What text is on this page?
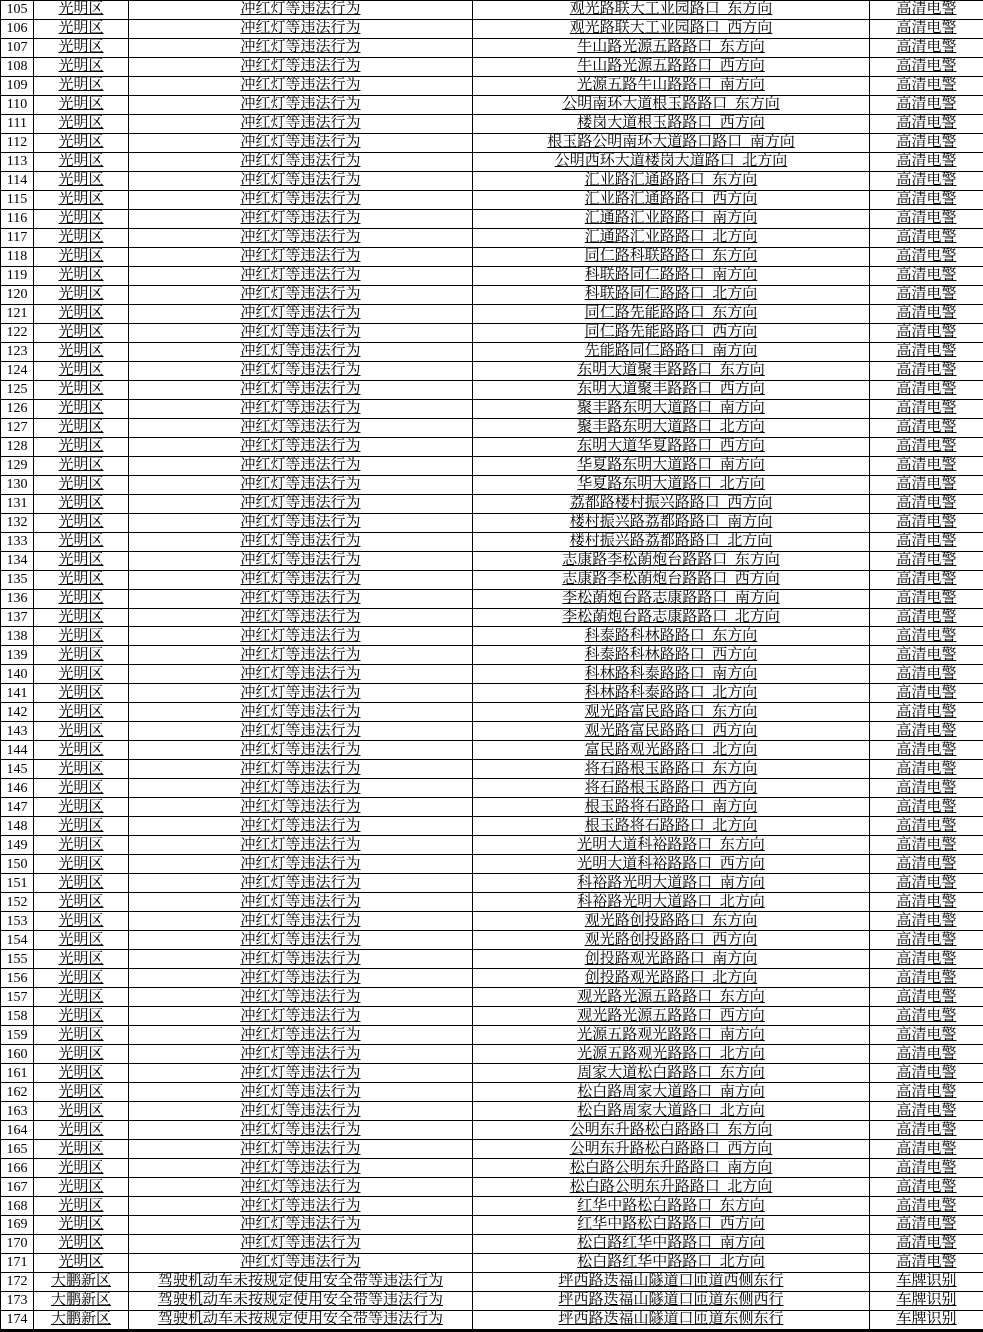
105	光明区	冲红灯等违法行为	观光路联大工业园路口  东方向	高清电警
106	光明区	冲红灯等违法行为	观光路联大工业园路口  西方向	高清电警
107	光明区	冲红灯等违法行为	牛山路光源五路路口  东方向	高清电警
108	光明区	冲红灯等违法行为	牛山路光源五路路口  西方向	高清电警
109	光明区	冲红灯等违法行为	光源五路牛山路路口  南方向	高清电警
110	光明区	冲红灯等违法行为	公明南环大道根玉路路口  东方向	高清电警
111	光明区	冲红灯等违法行为	楼岗大道根玉路路口  西方向	高清电警
112	光明区	冲红灯等违法行为	根玉路公明南环大道路口路口  南方向	高清电警
113	光明区	冲红灯等违法行为	公明西环大道楼岗大道路口  北方向	高清电警
114	光明区	冲红灯等违法行为	汇业路汇通路路口  东方向	高清电警
115	光明区	冲红灯等违法行为	汇业路汇通路路口  西方向	高清电警
116	光明区	冲红灯等违法行为	汇通路汇业路路口  南方向	高清电警
117	光明区	冲红灯等违法行为	汇通路汇业路路口  北方向	高清电警
118	光明区	冲红灯等违法行为	同仁路科联路路口  东方向	高清电警
119	光明区	冲红灯等违法行为	科联路同仁路路口  南方向	高清电警
120	光明区	冲红灯等违法行为	科联路同仁路路口  北方向	高清电警
121	光明区	冲红灯等违法行为	同仁路先能路路口  东方向	高清电警
122	光明区	冲红灯等违法行为	同仁路先能路路口  西方向	高清电警
123	光明区	冲红灯等违法行为	先能路同仁路路口  南方向	高清电警
124	光明区	冲红灯等违法行为	东明大道聚丰路路口  东方向	高清电警
125	光明区	冲红灯等违法行为	东明大道聚丰路路口  西方向	高清电警
126	光明区	冲红灯等违法行为	聚丰路东明大道路口  南方向	高清电警
127	光明区	冲红灯等违法行为	聚丰路东明大道路口  北方向	高清电警
128	光明区	冲红灯等违法行为	东明大道华夏路路口  西方向	高清电警
129	光明区	冲红灯等违法行为	华夏路东明大道路口  南方向	高清电警
130	光明区	冲红灯等违法行为	华夏路东明大道路口  北方向	高清电警
131	光明区	冲红灯等违法行为	荔都路楼村振兴路路口  西方向	高清电警
132	光明区	冲红灯等违法行为	楼村振兴路荔都路路口  南方向	高清电警
133	光明区	冲红灯等违法行为	楼村振兴路荔都路路口  北方向	高清电警
134	光明区	冲红灯等违法行为	志康路李松蓢炮台路路口  东方向	高清电警
135	光明区	冲红灯等违法行为	志康路李松蓢炮台路路口  西方向	高清电警
136	光明区	冲红灯等违法行为	李松蓢炮台路志康路路口  南方向	高清电警
137	光明区	冲红灯等违法行为	李松蓢炮台路志康路路口  北方向	高清电警
138	光明区	冲红灯等违法行为	科泰路科林路路口  东方向	高清电警
139	光明区	冲红灯等违法行为	科泰路科林路路口  西方向	高清电警
140	光明区	冲红灯等违法行为	科林路科泰路路口  南方向	高清电警
141	光明区	冲红灯等违法行为	科林路科泰路路口  北方向	高清电警
142	光明区	冲红灯等违法行为	观光路富民路路口  东方向	高清电警
143	光明区	冲红灯等违法行为	观光路富民路路口  西方向	高清电警
144	光明区	冲红灯等违法行为	富民路观光路路口  北方向	高清电警
145	光明区	冲红灯等违法行为	将石路根玉路路口  东方向	高清电警
146	光明区	冲红灯等违法行为	将石路根玉路路口  西方向	高清电警
147	光明区	冲红灯等违法行为	根玉路将石路路口  南方向	高清电警
148	光明区	冲红灯等违法行为	根玉路将石路路口  北方向	高清电警
149	光明区	冲红灯等违法行为	光明大道科裕路路口  东方向	高清电警
150	光明区	冲红灯等违法行为	光明大道科裕路路口  西方向	高清电警
151	光明区	冲红灯等违法行为	科裕路光明大道路口  南方向	高清电警
152	光明区	冲红灯等违法行为	科裕路光明大道路口  北方向	高清电警
153	光明区	冲红灯等违法行为	观光路创投路路口  东方向	高清电警
154	光明区	冲红灯等违法行为	观光路创投路路口  西方向	高清电警
155	光明区	冲红灯等违法行为	创投路观光路路口  南方向	高清电警
156	光明区	冲红灯等违法行为	创投路观光路路口  北方向	高清电警
157	光明区	冲红灯等违法行为	观光路光源五路路口  东方向	高清电警
158	光明区	冲红灯等违法行为	观光路光源五路路口  西方向	高清电警
159	光明区	冲红灯等违法行为	光源五路观光路路口  南方向	高清电警
160	光明区	冲红灯等违法行为	光源五路观光路路口  北方向	高清电警
161	光明区	冲红灯等违法行为	周家大道松白路路口  东方向	高清电警
162	光明区	冲红灯等违法行为	松白路周家大道路口  南方向	高清电警
163	光明区	冲红灯等违法行为	松白路周家大道路口  北方向	高清电警
164	光明区	冲红灯等违法行为	公明东升路松白路路口  东方向	高清电警
165	光明区	冲红灯等违法行为	公明东升路松白路路口  西方向	高清电警
166	光明区	冲红灯等违法行为	松白路公明东升路路口  南方向	高清电警
167	光明区	冲红灯等违法行为	松白路公明东升路路口  北方向	高清电警
168	光明区	冲红灯等违法行为	红华中路松白路路口  东方向	高清电警
169	光明区	冲红灯等违法行为	红华中路松白路路口  西方向	高清电警
170	光明区	冲红灯等违法行为	松白路红华中路路口  南方向	高清电警
171	光明区	冲红灯等违法行为	松白路红华中路路口  北方向	高清电警
172	大鹏新区	驾驶机动车未按规定使用安全带等违法行为	坪西路迭福山隧道口匝道西侧东行	车牌识别
173	大鹏新区	驾驶机动车未按规定使用安全带等违法行为	坪西路迭福山隧道口匝道东侧西行	车牌识别
174	大鹏新区	驾驶机动车未按规定使用安全带等违法行为	坪西路迭福山隧道口匝道东侧东行	车牌识别
